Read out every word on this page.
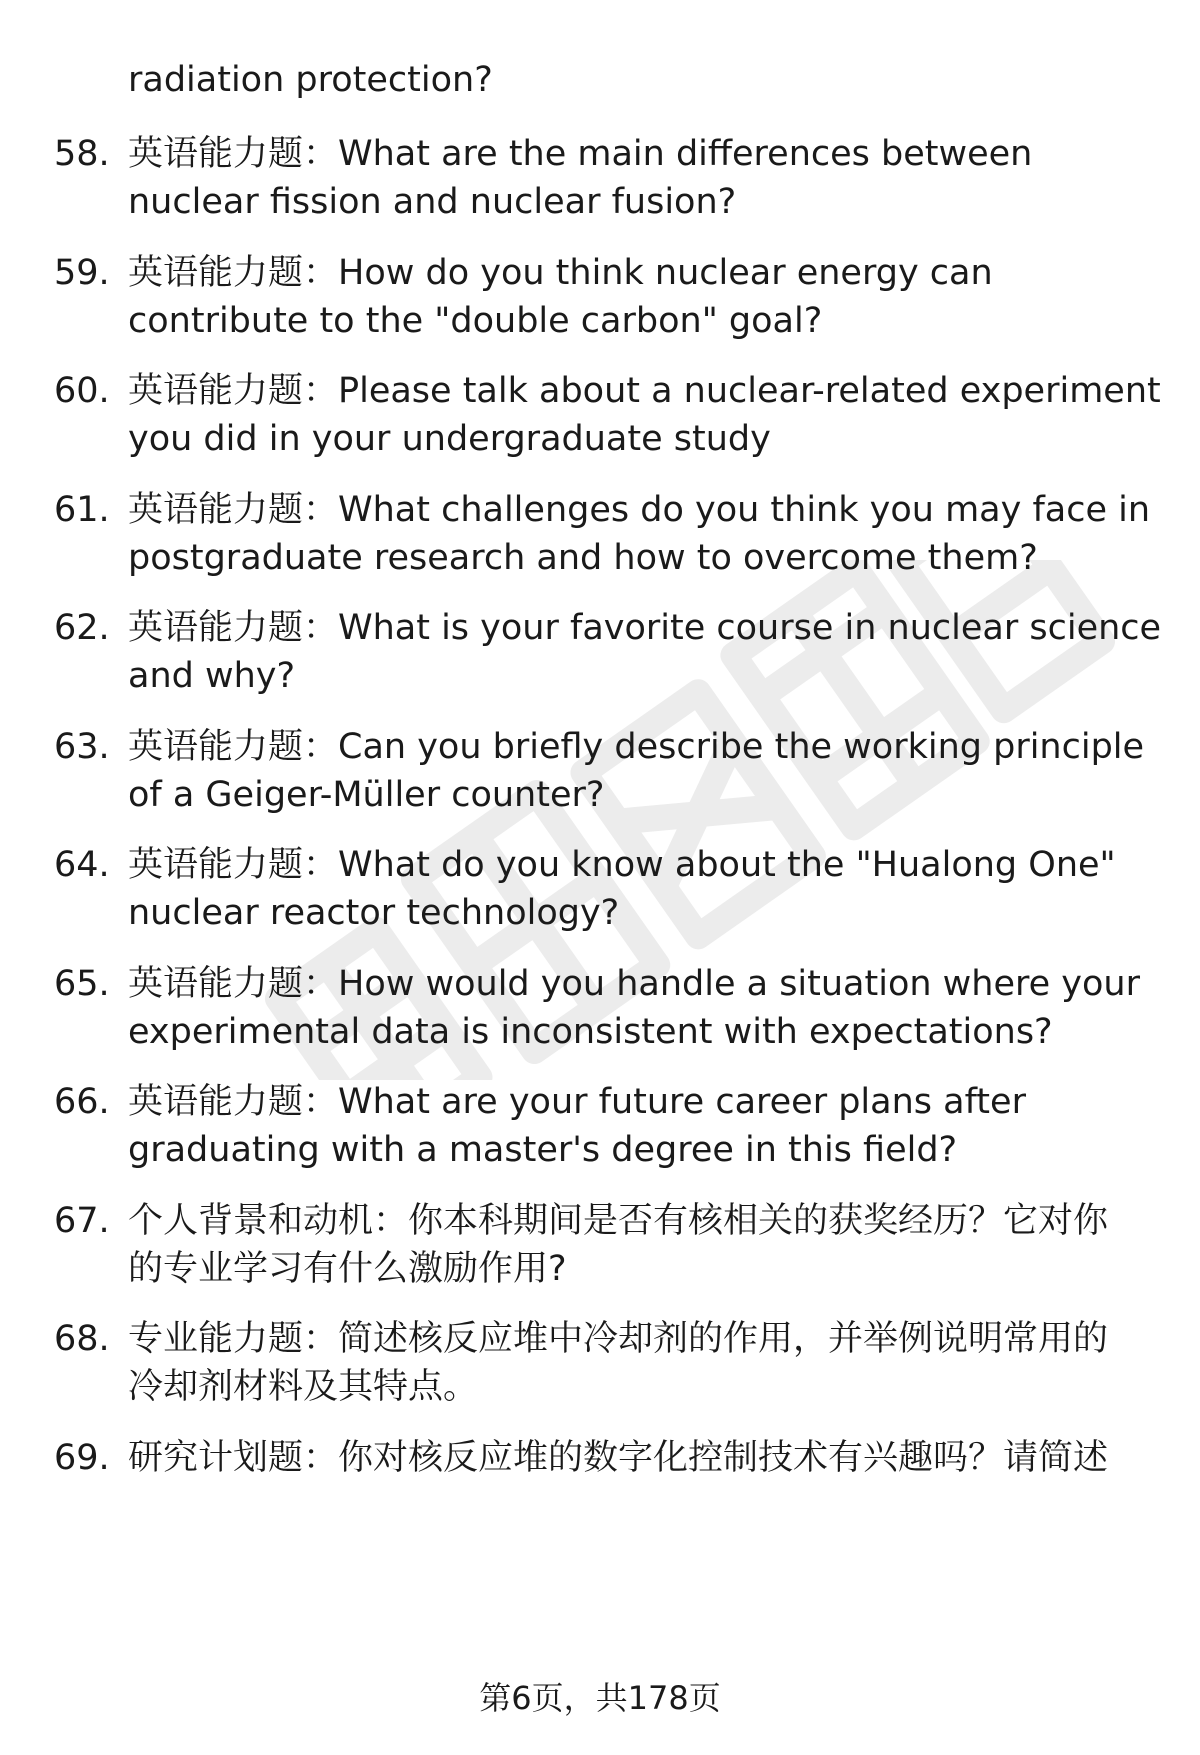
radiation protection?
58. 英语能力题：What are the main differences between
nuclear fission and nuclear fusion?
59. 英语能力题：How do you think nuclear energy can
contribute to the "double carbon" goal?
60. 英语能力题：Please talk about a nuclear-related experiment
you did in your undergraduate study
61. 英语能力题：What challenges do you think you may face in
postgraduate research and how to overcome them?
62. 英语能力题：What is your favorite course in nuclear science
and why?
63. 英语能力题：Can you briefly describe the working principle
of a Geiger-Müller counter?
64. 英语能力题：What do you know about the "Hualong One"
nuclear reactor technology?
65. 英语能力题：How would you handle a situation where your
experimental data is inconsistent with expectations?
66. 英语能力题：What are your future career plans after
graduating with a master's degree in this field?
67. 个人背景和动机：你本科期间是否有核相关的获奖经历？它对你
的专业学习有什么激励作用?
68. 专业能力题：简述核反应堆中冷却剂的作用，并举例说明常用的
冷却剂材料及其特点。
69. 研究计划题：你对核反应堆的数字化控制技术有兴趣吗？请简述
第6页，共178页
